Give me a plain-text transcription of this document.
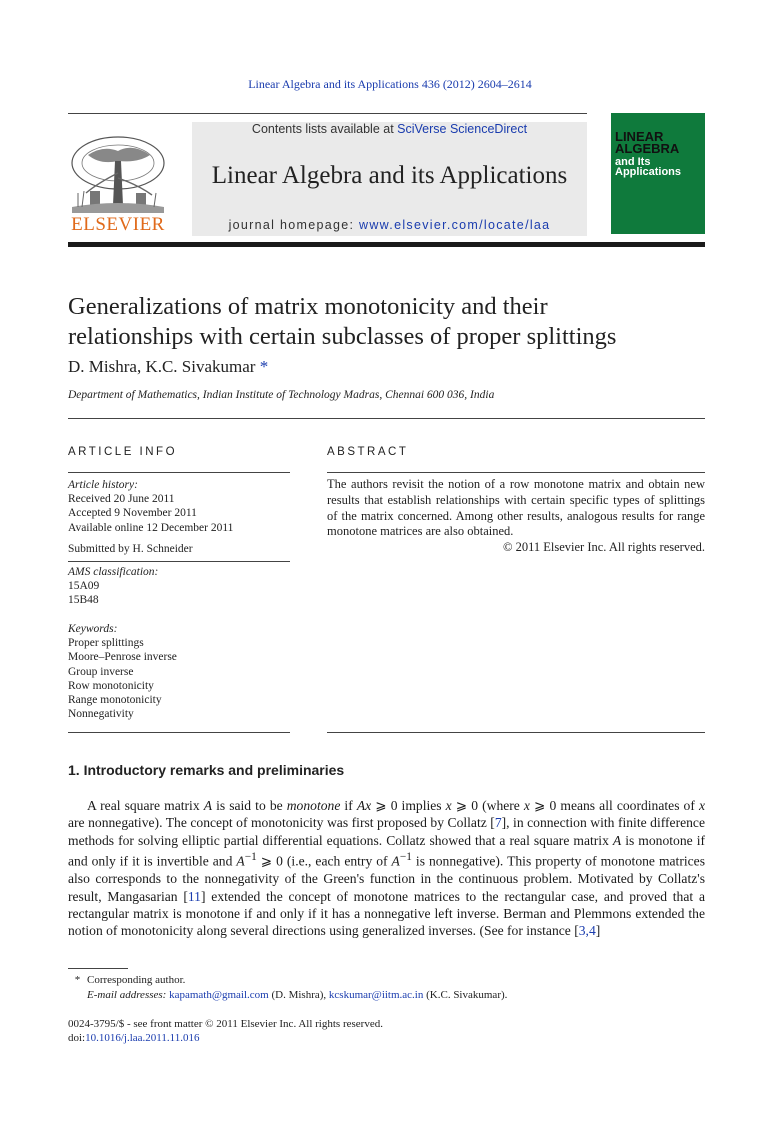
Linear Algebra and its Applications 436 (2012) 2604–2614
ELSEVIER
Contents lists available at SciVerse ScienceDirect
Linear Algebra and its Applications
journal homepage: www.elsevier.com/locate/laa
LINEAR
ALGEBRA
and Its
Applications
Generalizations of matrix monotonicity and their
relationships with certain subclasses of proper splittings
D. Mishra, K.C. Sivakumar *
Department of Mathematics, Indian Institute of Technology Madras, Chennai 600 036, India
ARTICLE INFO	ABSTRACT
Article history:
Received 20 June 2011
Accepted 9 November 2011
Available online 12 December 2011
Submitted by H. Schneider
AMS classification:
15A09
15B48
Keywords:
Proper splittings
Moore–Penrose inverse
Group inverse
Row monotonicity
Range monotonicity
Nonnegativity
The authors revisit the notion of a row monotone matrix and obtain new results that establish relationships with certain specific types of splittings of the matrix concerned. Among other results, analogous results for range monotone matrices are also obtained.
© 2011 Elsevier Inc. All rights reserved.
1. Introductory remarks and preliminaries

A real square matrix A is said to be monotone if Ax ⩾ 0 implies x ⩾ 0 (where x ⩾ 0 means all coordinates of x are nonnegative). The concept of monotonicity was first proposed by Collatz [7], in connection with finite difference methods for solving elliptic partial differential equations. Collatz showed that a real square matrix A is monotone if and only if it is invertible and $A^{-1}$ ⩾ 0 (i.e., each entry of $A^{-1}$ is nonnegative). This property of monotone matrices also corresponds to the nonnegativity of the Green's function in the continuous problem. Motivated by Collatz's result, Mangasarian [11] extended the concept of monotone matrices to the rectangular case, and proved that a rectangular matrix is monotone if and only if it has a nonnegative left inverse. Berman and Plemmons extended the notion of monotonicity along several directions using generalized inverses. (See for instance [3,4]

* Corresponding author.
E-mail addresses: kapamath@gmail.com (D. Mishra), kcskumar@iitm.ac.in (K.C. Sivakumar).
0024-3795/$ - see front matter © 2011 Elsevier Inc. All rights reserved.
doi:10.1016/j.laa.2011.11.016
